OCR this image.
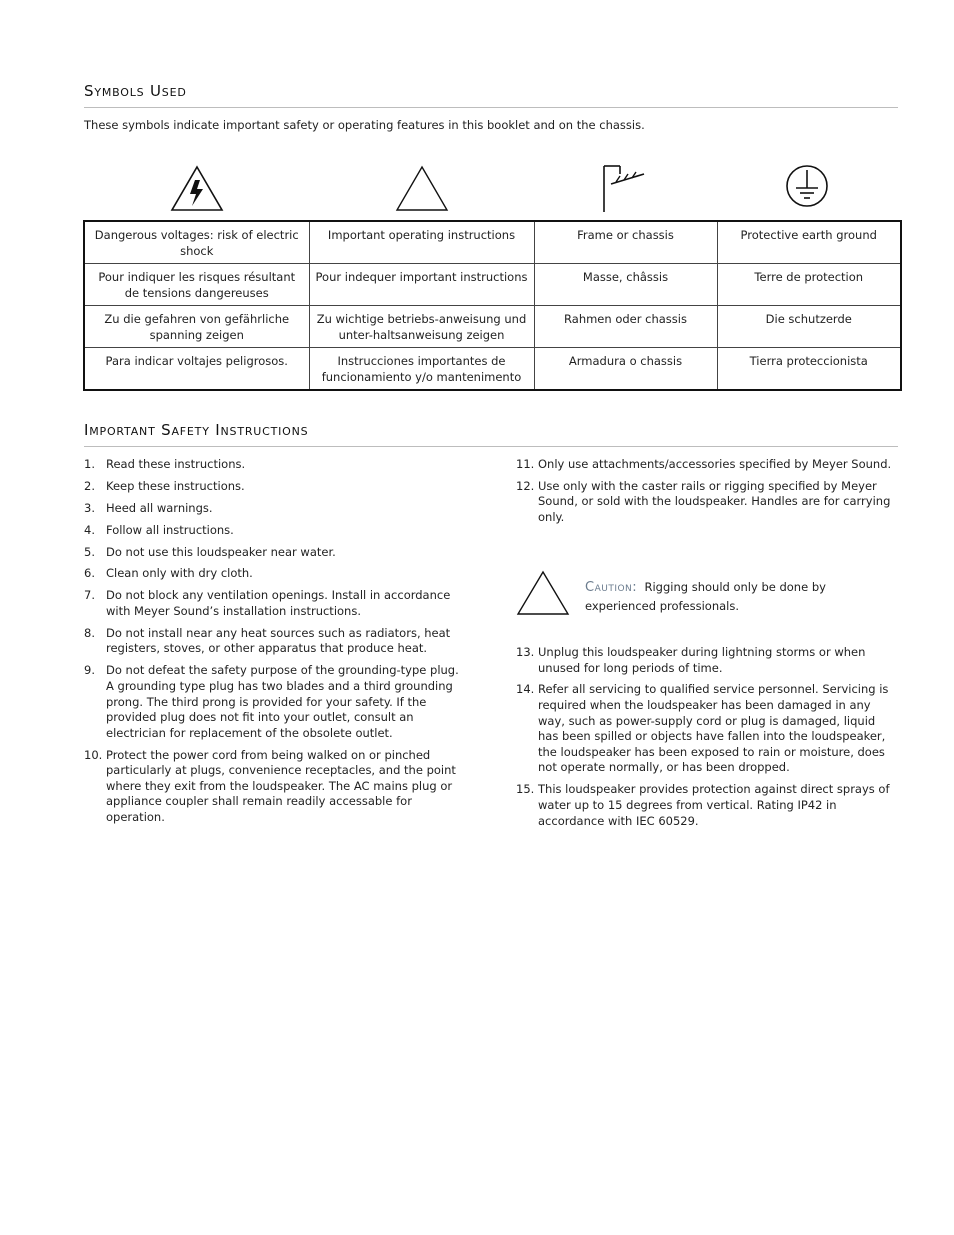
Symbols Used
These symbols indicate important safety or operating features in this booklet and on the chassis.
Dangerous voltages: risk of electric shock	Important operating instructions	Frame or chassis	Protective earth ground
Pour indiquer les risques résultant de tensions dangereuses	Pour indequer important instructions	Masse, châssis	Terre de protection
Zu die gefahren von gefährliche spanning zeigen	Zu wichtige betriebs-anweisung und unter-haltsanweisung zeigen	Rahmen oder chassis	Die schutzerde
Para indicar voltajes peligrosos.	Instrucciones importantes de funcionamiento y/o mantenimento	Armadura o chassis	Tierra proteccionista
Important Safety Instructions
1. Read these instructions.
2. Keep these instructions.
3. Heed all warnings.
4. Follow all instructions.
5. Do not use this loudspeaker near water.
6. Clean only with dry cloth.
7. Do not block any ventilation openings. Install in accordance with Meyer Sound’s installation instructions.
8. Do not install near any heat sources such as radiators, heat registers, stoves, or other apparatus that produce heat.
9. Do not defeat the safety purpose of the grounding-type plug. A grounding type plug has two blades and a third grounding prong. The third prong is provided for your safety. If the provided plug does not fit into your outlet, consult an electrician for replacement of the obsolete outlet.
10. Protect the power cord from being walked on or pinched particularly at plugs, convenience receptacles, and the point where they exit from the loudspeaker. The AC mains plug or appliance coupler shall remain readily accessable for operation.
11. Only use attachments/accessories specified by Meyer Sound.
12. Use only with the caster rails or rigging specified by Meyer Sound, or sold with the loudspeaker. Handles are for carrying only.
Caution: Rigging should only be done by experienced professionals.
13. Unplug this loudspeaker during lightning storms or when unused for long periods of time.
14. Refer all servicing to qualified service personnel. Servicing is required when the loudspeaker has been damaged in any way, such as power-supply cord or plug is damaged, liquid has been spilled or objects have fallen into the loudspeaker, the loudspeaker has been exposed to rain or moisture, does not operate normally, or has been dropped.
15. This loudspeaker provides protection against direct sprays of water up to 15 degrees from vertical. Rating IP42 in accordance with IEC 60529.
